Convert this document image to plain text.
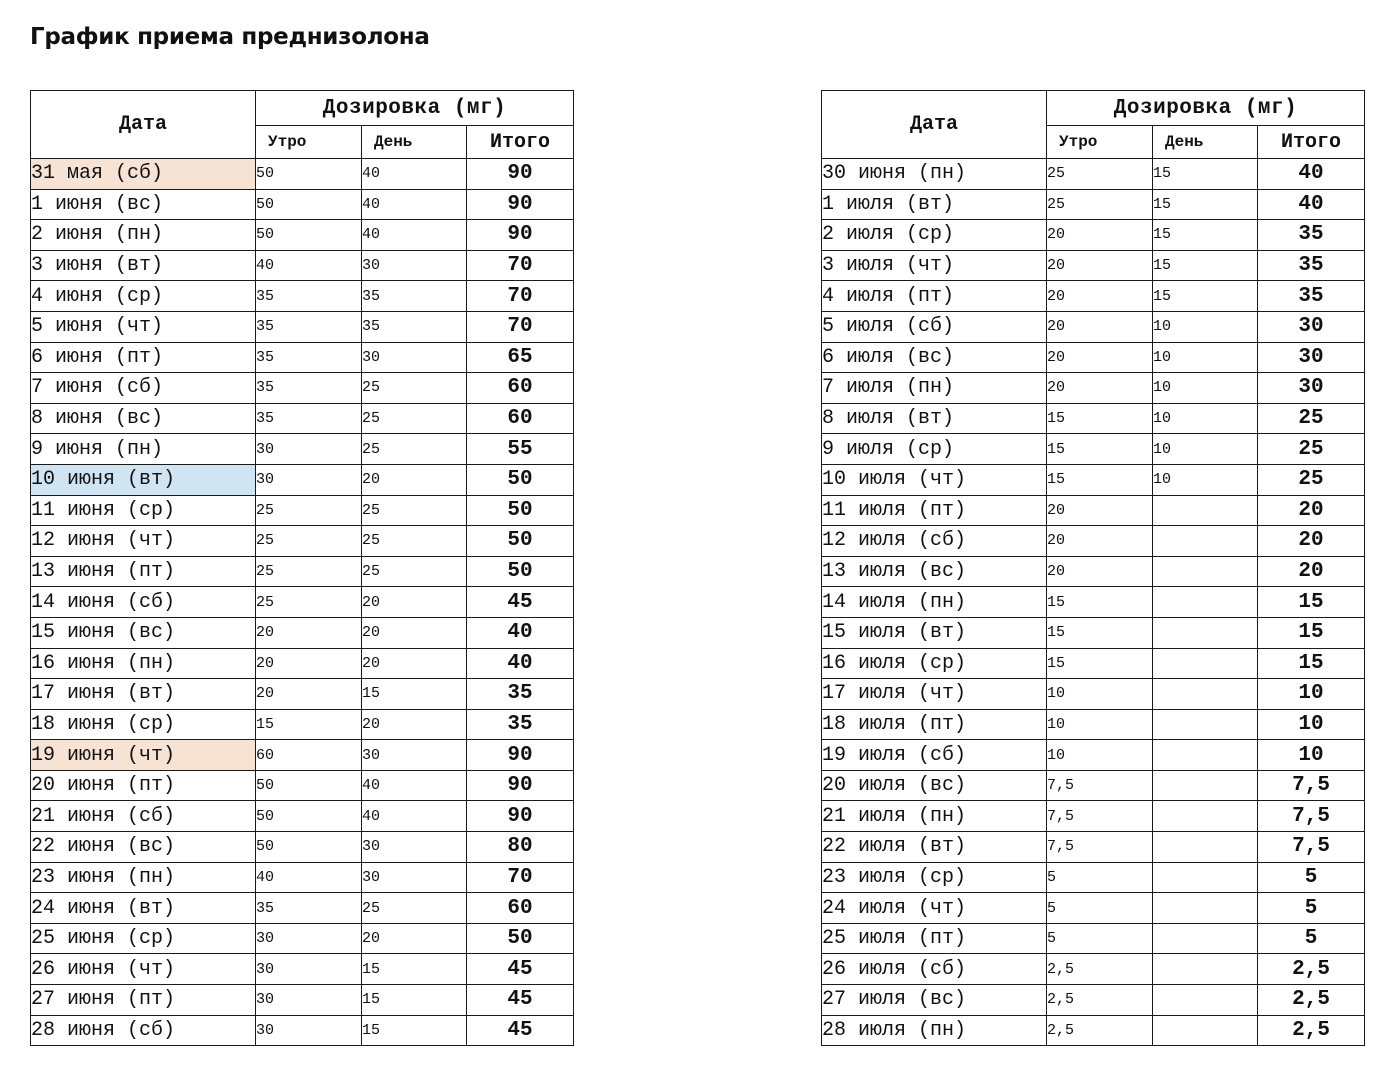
График приема преднизолона
Дата	Дозировка (мг)		
	Утро	День	Итого
31 мая (сб)	50	40	90
1 июня (вс)	50	40	90
2 июня (пн)	50	40	90
3 июня (вт)	40	30	70
4 июня (ср)	35	35	70
5 июня (чт)	35	35	70
6 июня (пт)	35	30	65
7 июня (сб)	35	25	60
8 июня (вс)	35	25	60
9 июня (пн)	30	25	55
10 июня (вт)	30	20	50
11 июня (ср)	25	25	50
12 июня (чт)	25	25	50
13 июня (пт)	25	25	50
14 июня (сб)	25	20	45
15 июня (вс)	20	20	40
16 июня (пн)	20	20	40
17 июня (вт)	20	15	35
18 июня (ср)	15	20	35
19 июня (чт)	60	30	90
20 июня (пт)	50	40	90
21 июня (сб)	50	40	90
22 июня (вс)	50	30	80
23 июня (пн)	40	30	70
24 июня (вт)	35	25	60
25 июня (ср)	30	20	50
26 июня (чт)	30	15	45
27 июня (пт)	30	15	45
28 июня (сб)	30	15	45
Дата	Дозировка (мг)		
	Утро	День	Итого
30 июня (пн)	25	15	40
1 июля (вт)	25	15	40
2 июля (ср)	20	15	35
3 июля (чт)	20	15	35
4 июля (пт)	20	15	35
5 июля (сб)	20	10	30
6 июля (вс)	20	10	30
7 июля (пн)	20	10	30
8 июля (вт)	15	10	25
9 июля (ср)	15	10	25
10 июля (чт)	15	10	25
11 июля (пт)	20		20
12 июля (сб)	20		20
13 июля (вс)	20		20
14 июля (пн)	15		15
15 июля (вт)	15		15
16 июля (ср)	15		15
17 июля (чт)	10		10
18 июля (пт)	10		10
19 июля (сб)	10		10
20 июля (вс)	7,5		7,5
21 июля (пн)	7,5		7,5
22 июля (вт)	7,5		7,5
23 июля (ср)	5		5
24 июля (чт)	5		5
25 июля (пт)	5		5
26 июля (сб)	2,5		2,5
27 июля (вс)	2,5		2,5
28 июля (пн)	2,5		2,5
